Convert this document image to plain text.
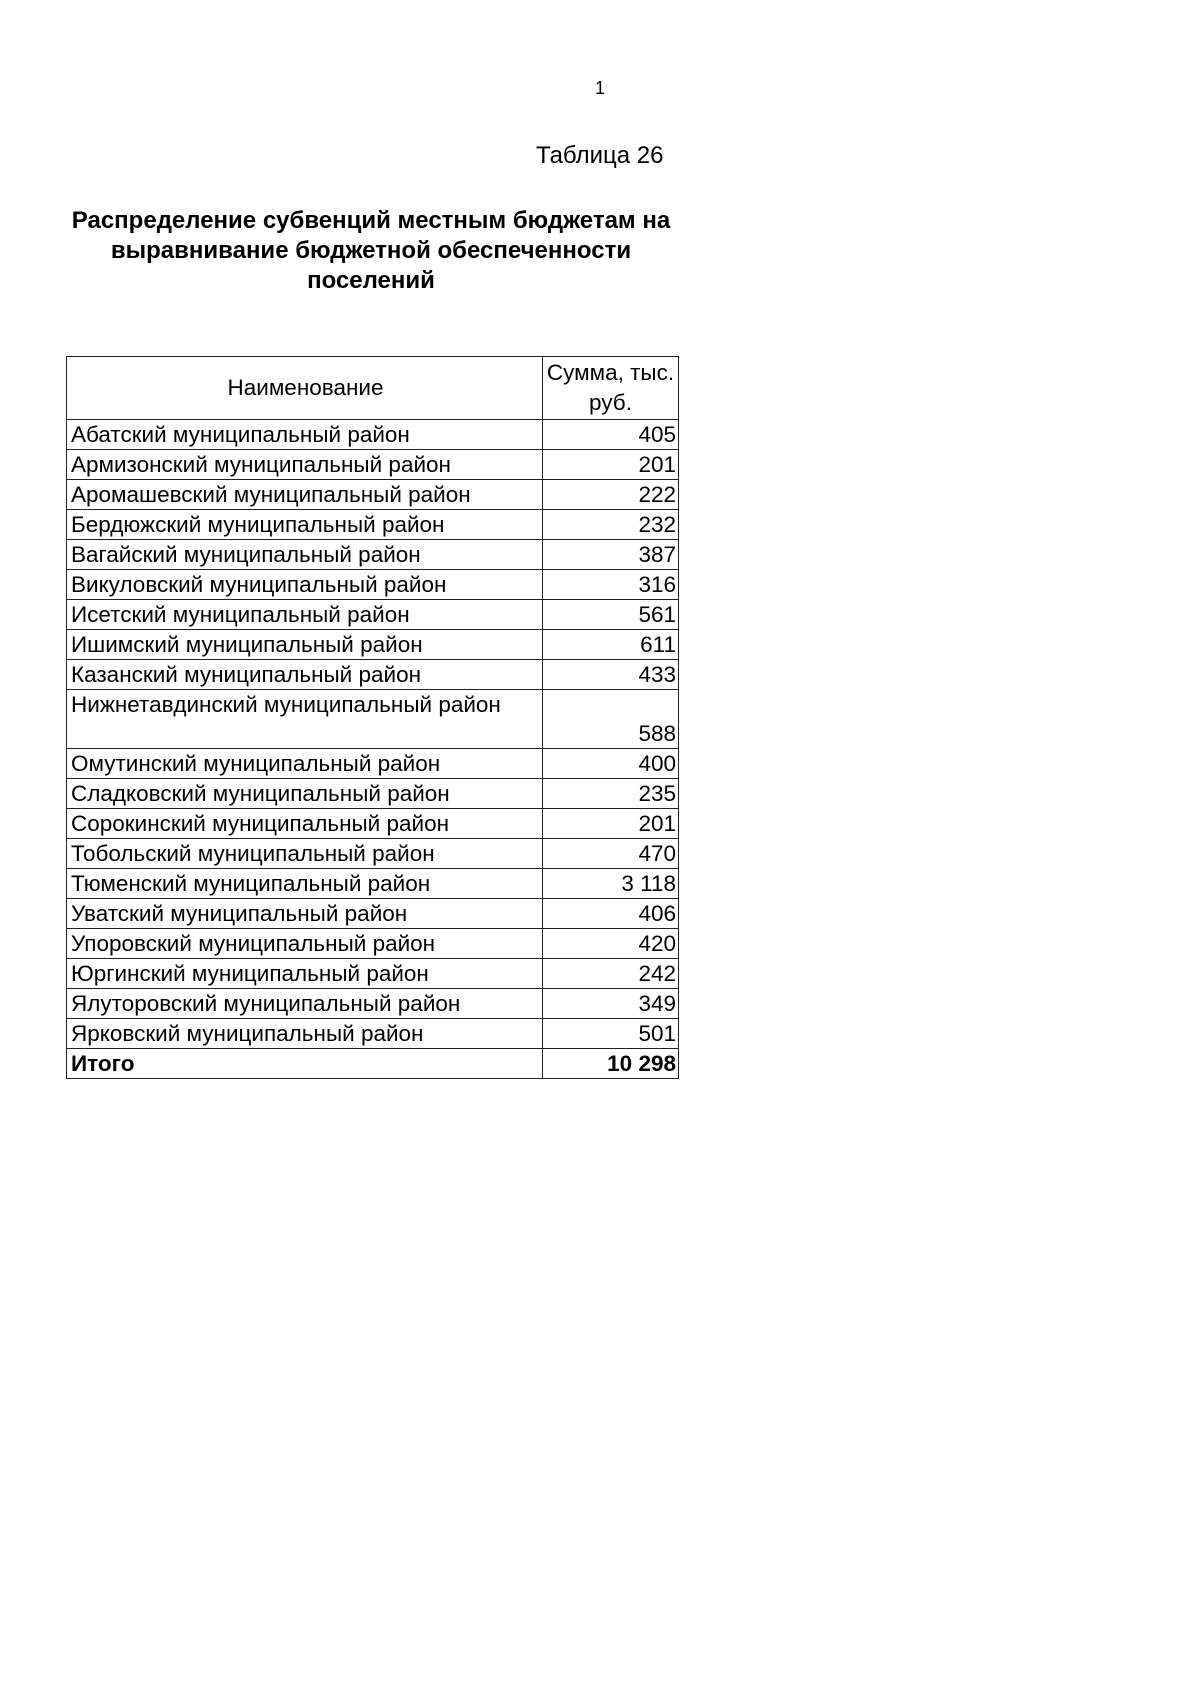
1
Таблица 26

Распределение субвенций местным бюджетам на выравнивание бюджетной обеспеченности поселений

Наименование	Сумма, тыс. руб.
Абатский муниципальный район	405
Армизонский муниципальный район	201
Аромашевский муниципальный район	222
Бердюжский муниципальный район	232
Вагайский муниципальный район	387
Викуловский муниципальный район	316
Исетский муниципальный район	561
Ишимский муниципальный район	611
Казанский муниципальный район	433
Нижнетавдинский муниципальный район	588
Омутинский муниципальный район	400
Сладковский муниципальный район	235
Сорокинский муниципальный район	201
Тобольский муниципальный район	470
Тюменский муниципальный район	3 118
Уватский муниципальный район	406
Упоровский муниципальный район	420
Юргинский муниципальный район	242
Ялуторовский муниципальный район	349
Ярковский муниципальный район	501
Итого	10 298
